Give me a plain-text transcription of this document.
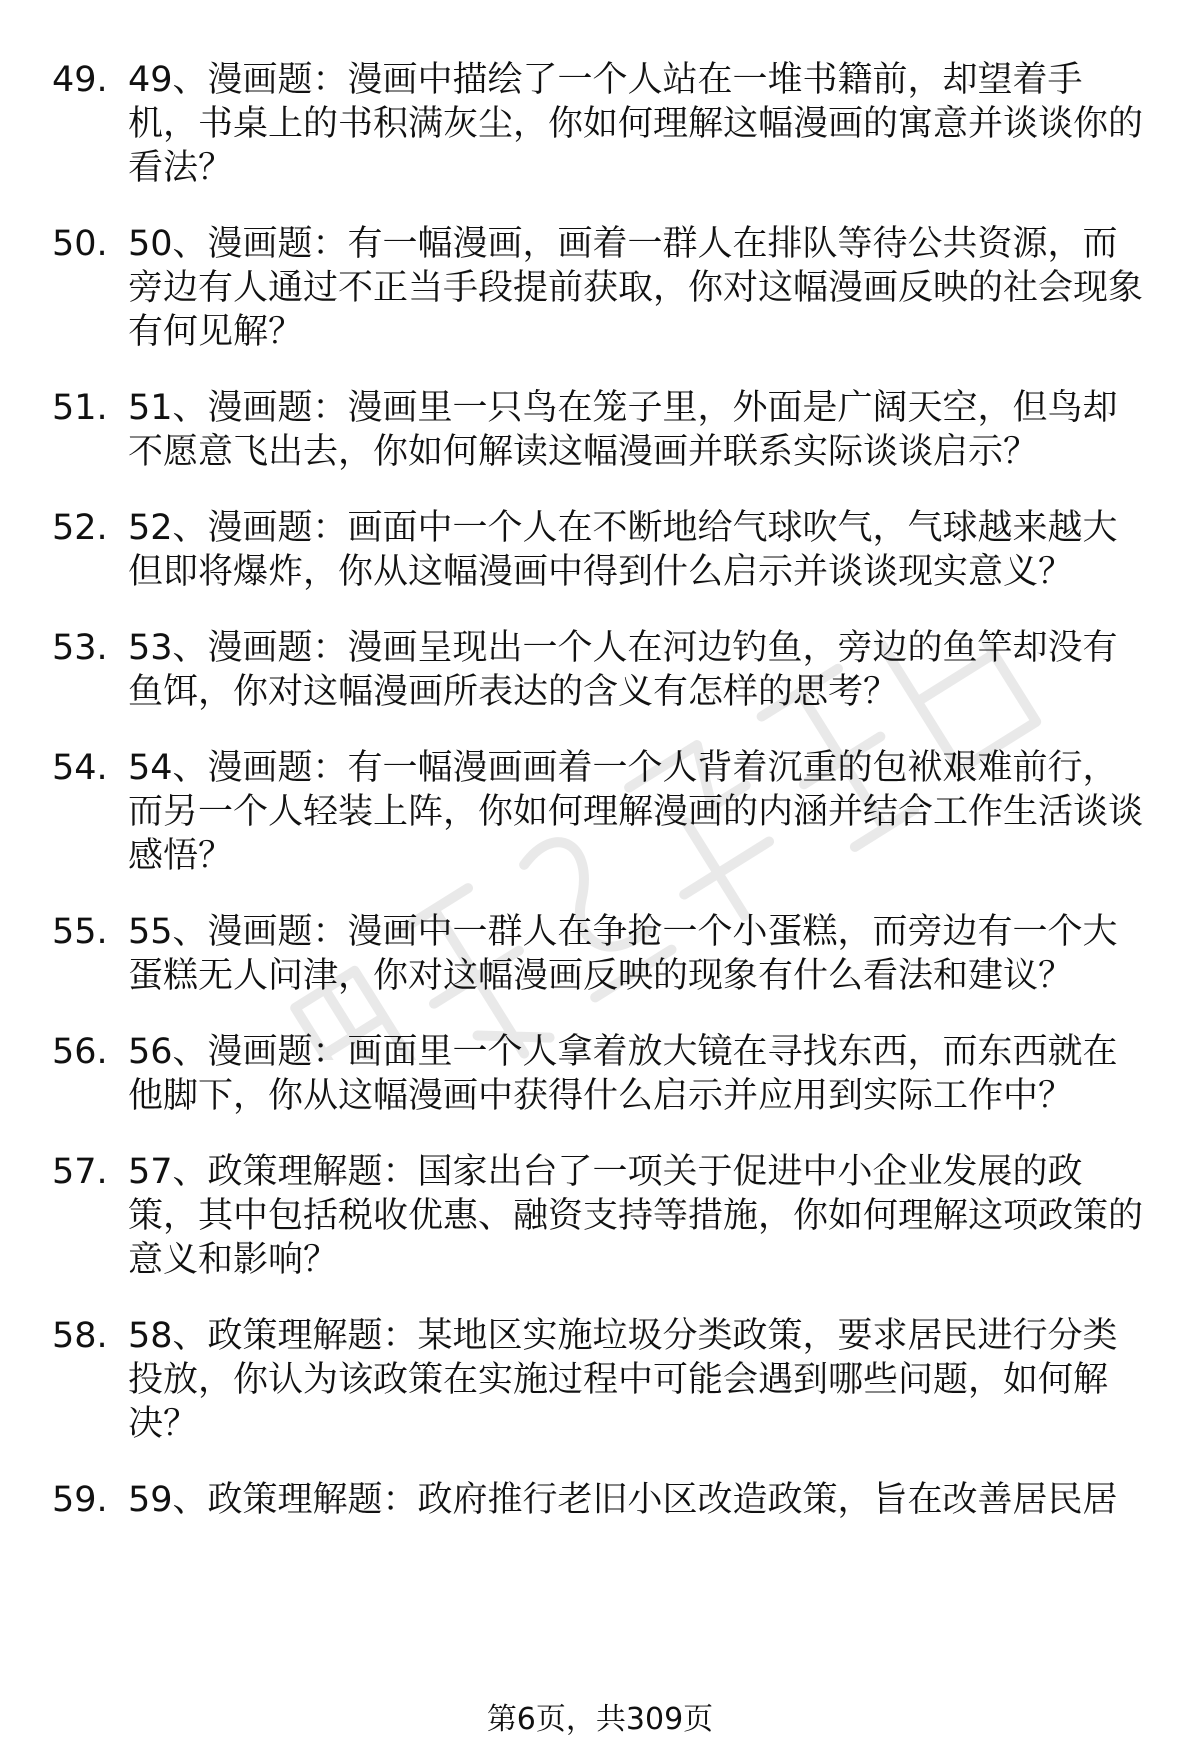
49. 49、漫画题：漫画中描绘了一个人站在一堆书籍前，却望着手机，书桌上的书积满灰尘，你如何理解这幅漫画的寓意并谈谈你的看法？
50. 50、漫画题：有一幅漫画，画着一群人在排队等待公共资源，而旁边有人通过不正当手段提前获取，你对这幅漫画反映的社会现象有何见解？
51. 51、漫画题：漫画里一只鸟在笼子里，外面是广阔天空，但鸟却不愿意飞出去，你如何解读这幅漫画并联系实际谈谈启示？
52. 52、漫画题：画面中一个人在不断地给气球吹气，气球越来越大但即将爆炸，你从这幅漫画中得到什么启示并谈谈现实意义？
53. 53、漫画题：漫画呈现出一个人在河边钓鱼，旁边的鱼竿却没有鱼饵，你对这幅漫画所表达的含义有怎样的思考？
54. 54、漫画题：有一幅漫画画着一个人背着沉重的包袱艰难前行，而另一个人轻装上阵，你如何理解漫画的内涵并结合工作生活谈谈感悟？
55. 55、漫画题：漫画中一群人在争抢一个小蛋糕，而旁边有一个大蛋糕无人问津，你对这幅漫画反映的现象有什么看法和建议？
56. 56、漫画题：画面里一个人拿着放大镜在寻找东西，而东西就在他脚下，你从这幅漫画中获得什么启示并应用到实际工作中？
57. 57、政策理解题：国家出台了一项关于促进中小企业发展的政策，其中包括税收优惠、融资支持等措施，你如何理解这项政策的意义和影响？
58. 58、政策理解题：某地区实施垃圾分类政策，要求居民进行分类投放，你认为该政策在实施过程中可能会遇到哪些问题，如何解决？
59. 59、政策理解题：政府推行老旧小区改造政策，旨在改善居民居
第6页，共309页
